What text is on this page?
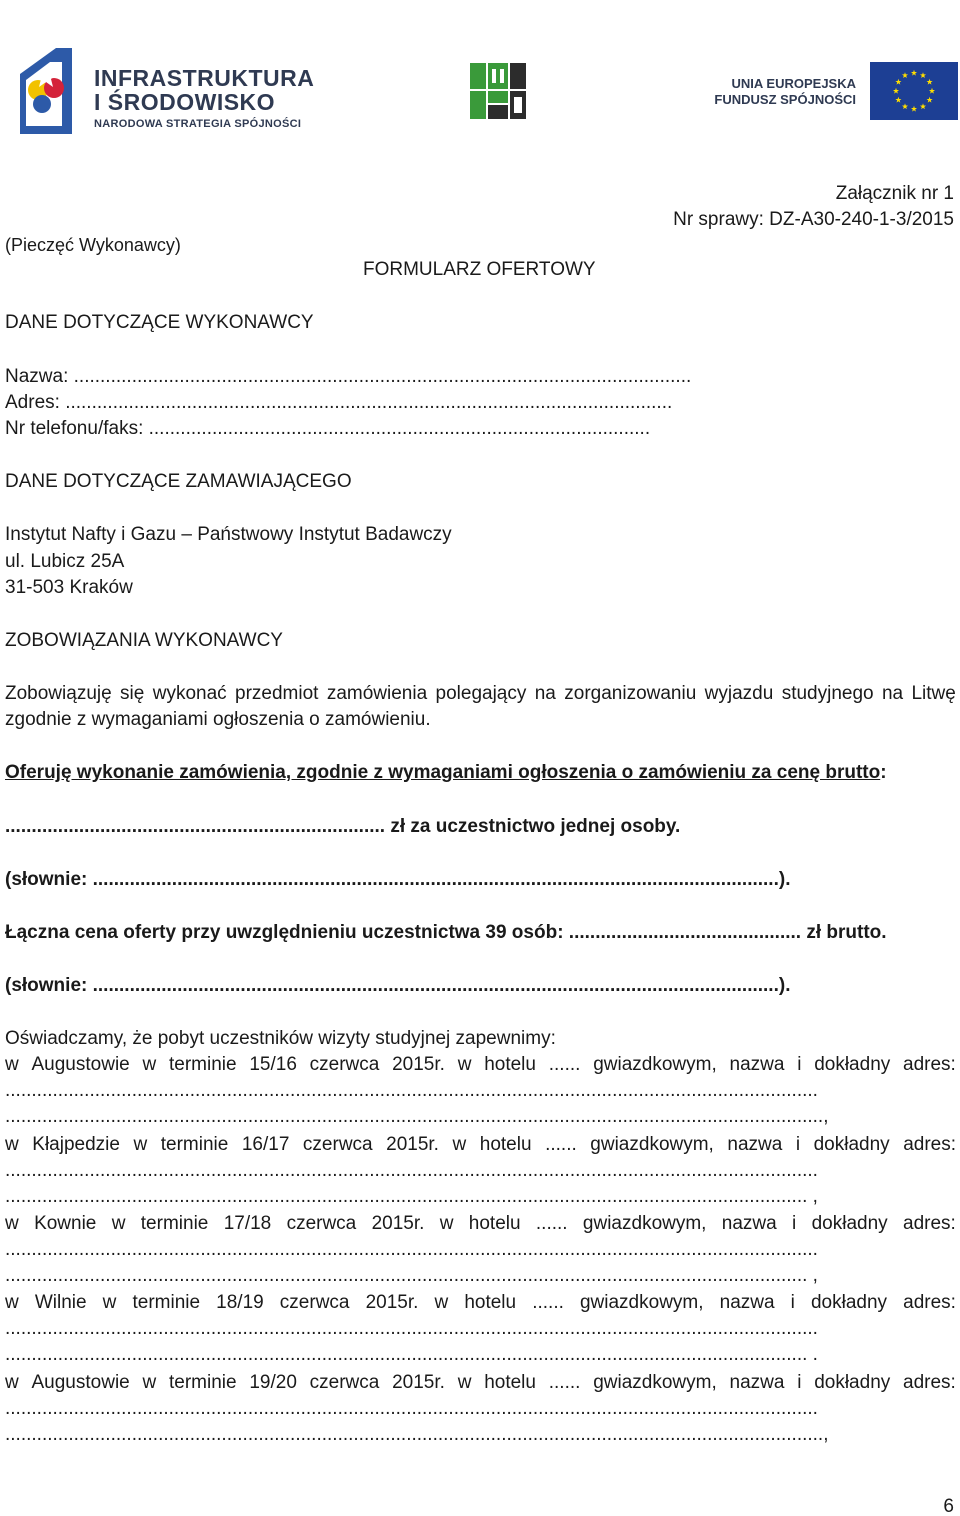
INFRASTRUKTURA
I ŚRODOWISKO
NARODOWA STRATEGIA SPÓJNOŚCI
UNIA EUROPEJSKA
FUNDUSZ SPÓJNOŚCI
Załącznik nr 1
Nr sprawy: DZ-A30-240-1-3/2015
(Pieczęć Wykonawcy)
FORMULARZ OFERTOWY
DANE DOTYCZĄCE WYKONAWCY
Nazwa: .....................................................................................................................
Adres: ...................................................................................................................
Nr telefonu/faks: ...............................................................................................
DANE DOTYCZĄCE ZAMAWIAJĄCEGO
Instytut Nafty i Gazu – Państwowy Instytut Badawczy
ul. Lubicz 25A
31-503 Kraków
ZOBOWIĄZANIA WYKONAWCY
Zobowiązuję się wykonać przedmiot zamówienia polegający na zorganizowaniu wyjazdu studyjnego na Litwę
zgodnie z wymaganiami ogłoszenia o zamówieniu.
Oferuję wykonanie zamówienia, zgodnie z wymaganiami ogłoszenia o zamówieniu za cenę brutto:
........................................................................ zł za uczestnictwo jednej osoby.
(słownie: ..................................................................................................................................).
Łączna cena oferty przy uwzględnieniu uczestnictwa 39 osób: ............................................ zł brutto.
(słownie: ..................................................................................................................................).
Oświadczamy, że pobyt uczestników wizyty studyjnej zapewnimy:
w Augustowie w terminie 15/16 czerwca 2015r. w hotelu ...... gwiazdkowym, nazwa i dokładny adres:
..........................................................................................................................................................
...........................................................................................................................................................,
w Kłajpedzie w terminie 16/17 czerwca 2015r. w hotelu ...... gwiazdkowym, nazwa i dokładny adres:
..........................................................................................................................................................
........................................................................................................................................................ ,
w Kownie w terminie 17/18 czerwca 2015r. w hotelu ...... gwiazdkowym, nazwa i dokładny adres:
..........................................................................................................................................................
........................................................................................................................................................ ,
w Wilnie w terminie 18/19 czerwca 2015r. w hotelu ...... gwiazdkowym, nazwa i dokładny adres:
..........................................................................................................................................................
........................................................................................................................................................ .
w Augustowie w terminie 19/20 czerwca 2015r. w hotelu ...... gwiazdkowym, nazwa i dokładny adres:
..........................................................................................................................................................
...........................................................................................................................................................,
6
